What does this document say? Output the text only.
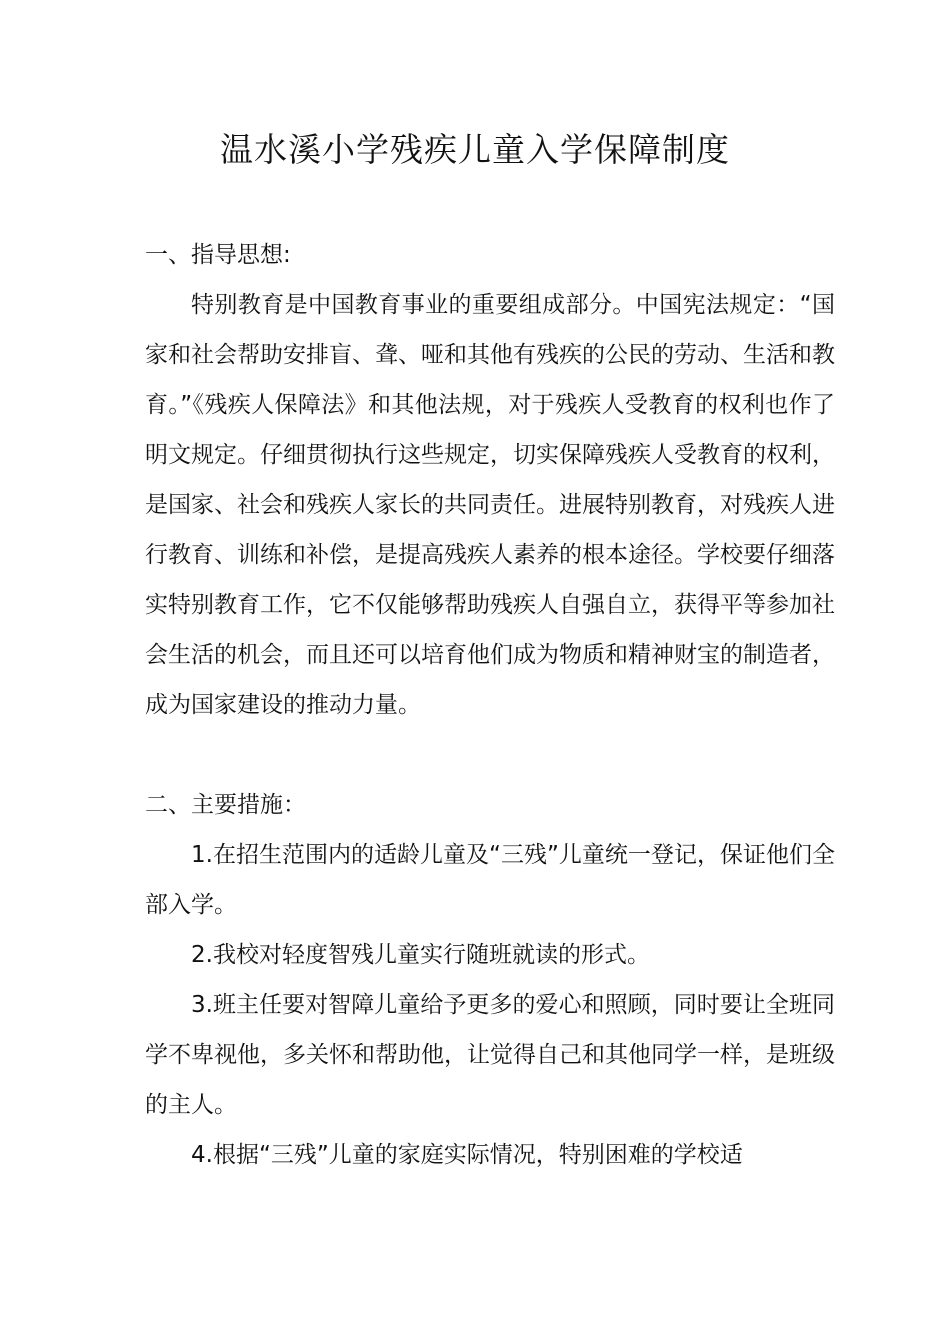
温水溪小学残疾儿童入学保障制度

一、指导思想:

特别教育是中国教育事业的重要组成部分。中国宪法规定：“国家和社会帮助安排盲、聋、哑和其他有残疾的公民的劳动、生活和教育。”《残疾人保障法》和其他法规，对于残疾人受教育的权利也作了明文规定。仔细贯彻执行这些规定，切实保障残疾人受教育的权利，是国家、社会和残疾人家长的共同责任。进展特别教育，对残疾人进行教育、训练和补偿，是提高残疾人素养的根本途径。学校要仔细落实特别教育工作，它不仅能够帮助残疾人自强自立，获得平等参加社会生活的机会，而且还可以培育他们成为物质和精神财宝的制造者，成为国家建设的推动力量。

二、主要措施：

1.在招生范围内的适龄儿童及“三残”儿童统一登记，保证他们全部入学。

2.我校对轻度智残儿童实行随班就读的形式。

3.班主任要对智障儿童给予更多的爱心和照顾，同时要让全班同学不卑视他，多关怀和帮助他，让觉得自己和其他同学一样，是班级的主人。

4.根据“三残”儿童的家庭实际情况，特别困难的学校适
